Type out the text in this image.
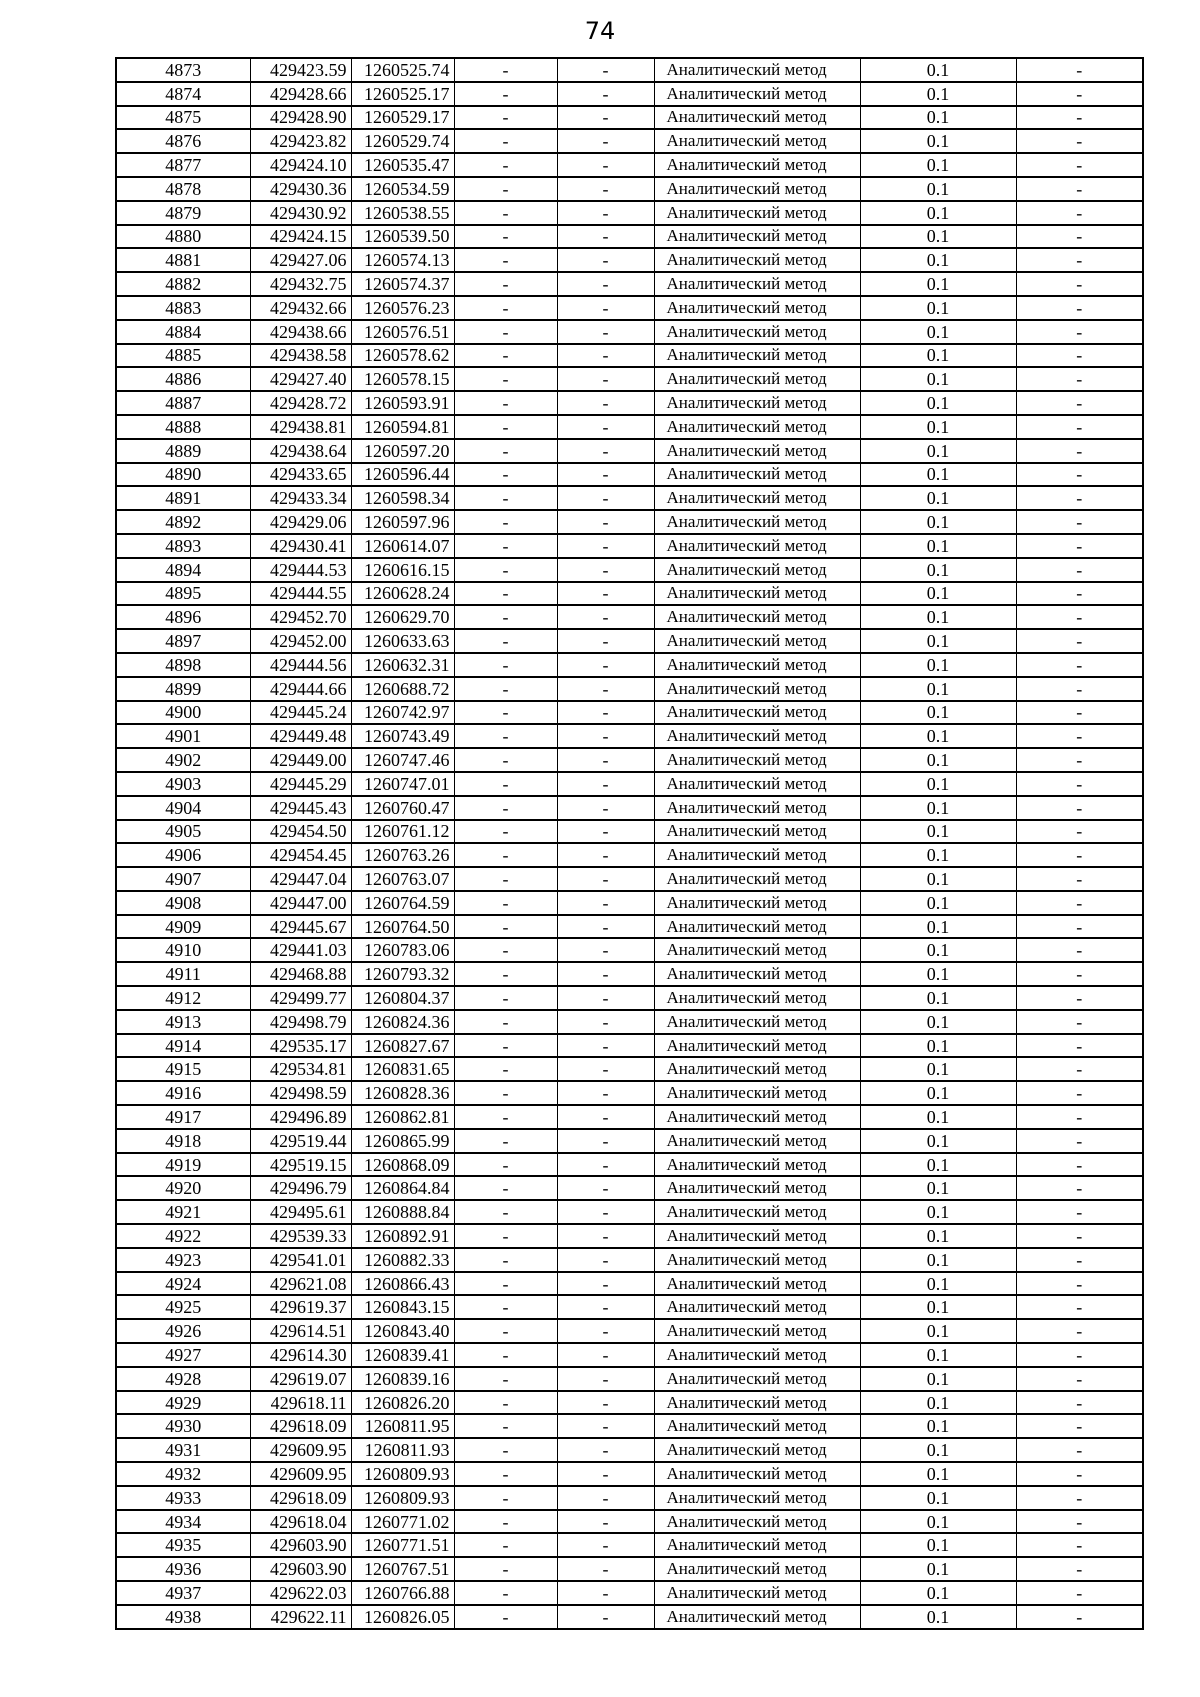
74
4873	429423.59	1260525.74	-	-	Аналитический метод	0.1	-
4874	429428.66	1260525.17	-	-	Аналитический метод	0.1	-
4875	429428.90	1260529.17	-	-	Аналитический метод	0.1	-
4876	429423.82	1260529.74	-	-	Аналитический метод	0.1	-
4877	429424.10	1260535.47	-	-	Аналитический метод	0.1	-
4878	429430.36	1260534.59	-	-	Аналитический метод	0.1	-
4879	429430.92	1260538.55	-	-	Аналитический метод	0.1	-
4880	429424.15	1260539.50	-	-	Аналитический метод	0.1	-
4881	429427.06	1260574.13	-	-	Аналитический метод	0.1	-
4882	429432.75	1260574.37	-	-	Аналитический метод	0.1	-
4883	429432.66	1260576.23	-	-	Аналитический метод	0.1	-
4884	429438.66	1260576.51	-	-	Аналитический метод	0.1	-
4885	429438.58	1260578.62	-	-	Аналитический метод	0.1	-
4886	429427.40	1260578.15	-	-	Аналитический метод	0.1	-
4887	429428.72	1260593.91	-	-	Аналитический метод	0.1	-
4888	429438.81	1260594.81	-	-	Аналитический метод	0.1	-
4889	429438.64	1260597.20	-	-	Аналитический метод	0.1	-
4890	429433.65	1260596.44	-	-	Аналитический метод	0.1	-
4891	429433.34	1260598.34	-	-	Аналитический метод	0.1	-
4892	429429.06	1260597.96	-	-	Аналитический метод	0.1	-
4893	429430.41	1260614.07	-	-	Аналитический метод	0.1	-
4894	429444.53	1260616.15	-	-	Аналитический метод	0.1	-
4895	429444.55	1260628.24	-	-	Аналитический метод	0.1	-
4896	429452.70	1260629.70	-	-	Аналитический метод	0.1	-
4897	429452.00	1260633.63	-	-	Аналитический метод	0.1	-
4898	429444.56	1260632.31	-	-	Аналитический метод	0.1	-
4899	429444.66	1260688.72	-	-	Аналитический метод	0.1	-
4900	429445.24	1260742.97	-	-	Аналитический метод	0.1	-
4901	429449.48	1260743.49	-	-	Аналитический метод	0.1	-
4902	429449.00	1260747.46	-	-	Аналитический метод	0.1	-
4903	429445.29	1260747.01	-	-	Аналитический метод	0.1	-
4904	429445.43	1260760.47	-	-	Аналитический метод	0.1	-
4905	429454.50	1260761.12	-	-	Аналитический метод	0.1	-
4906	429454.45	1260763.26	-	-	Аналитический метод	0.1	-
4907	429447.04	1260763.07	-	-	Аналитический метод	0.1	-
4908	429447.00	1260764.59	-	-	Аналитический метод	0.1	-
4909	429445.67	1260764.50	-	-	Аналитический метод	0.1	-
4910	429441.03	1260783.06	-	-	Аналитический метод	0.1	-
4911	429468.88	1260793.32	-	-	Аналитический метод	0.1	-
4912	429499.77	1260804.37	-	-	Аналитический метод	0.1	-
4913	429498.79	1260824.36	-	-	Аналитический метод	0.1	-
4914	429535.17	1260827.67	-	-	Аналитический метод	0.1	-
4915	429534.81	1260831.65	-	-	Аналитический метод	0.1	-
4916	429498.59	1260828.36	-	-	Аналитический метод	0.1	-
4917	429496.89	1260862.81	-	-	Аналитический метод	0.1	-
4918	429519.44	1260865.99	-	-	Аналитический метод	0.1	-
4919	429519.15	1260868.09	-	-	Аналитический метод	0.1	-
4920	429496.79	1260864.84	-	-	Аналитический метод	0.1	-
4921	429495.61	1260888.84	-	-	Аналитический метод	0.1	-
4922	429539.33	1260892.91	-	-	Аналитический метод	0.1	-
4923	429541.01	1260882.33	-	-	Аналитический метод	0.1	-
4924	429621.08	1260866.43	-	-	Аналитический метод	0.1	-
4925	429619.37	1260843.15	-	-	Аналитический метод	0.1	-
4926	429614.51	1260843.40	-	-	Аналитический метод	0.1	-
4927	429614.30	1260839.41	-	-	Аналитический метод	0.1	-
4928	429619.07	1260839.16	-	-	Аналитический метод	0.1	-
4929	429618.11	1260826.20	-	-	Аналитический метод	0.1	-
4930	429618.09	1260811.95	-	-	Аналитический метод	0.1	-
4931	429609.95	1260811.93	-	-	Аналитический метод	0.1	-
4932	429609.95	1260809.93	-	-	Аналитический метод	0.1	-
4933	429618.09	1260809.93	-	-	Аналитический метод	0.1	-
4934	429618.04	1260771.02	-	-	Аналитический метод	0.1	-
4935	429603.90	1260771.51	-	-	Аналитический метод	0.1	-
4936	429603.90	1260767.51	-	-	Аналитический метод	0.1	-
4937	429622.03	1260766.88	-	-	Аналитический метод	0.1	-
4938	429622.11	1260826.05	-	-	Аналитический метод	0.1	-
